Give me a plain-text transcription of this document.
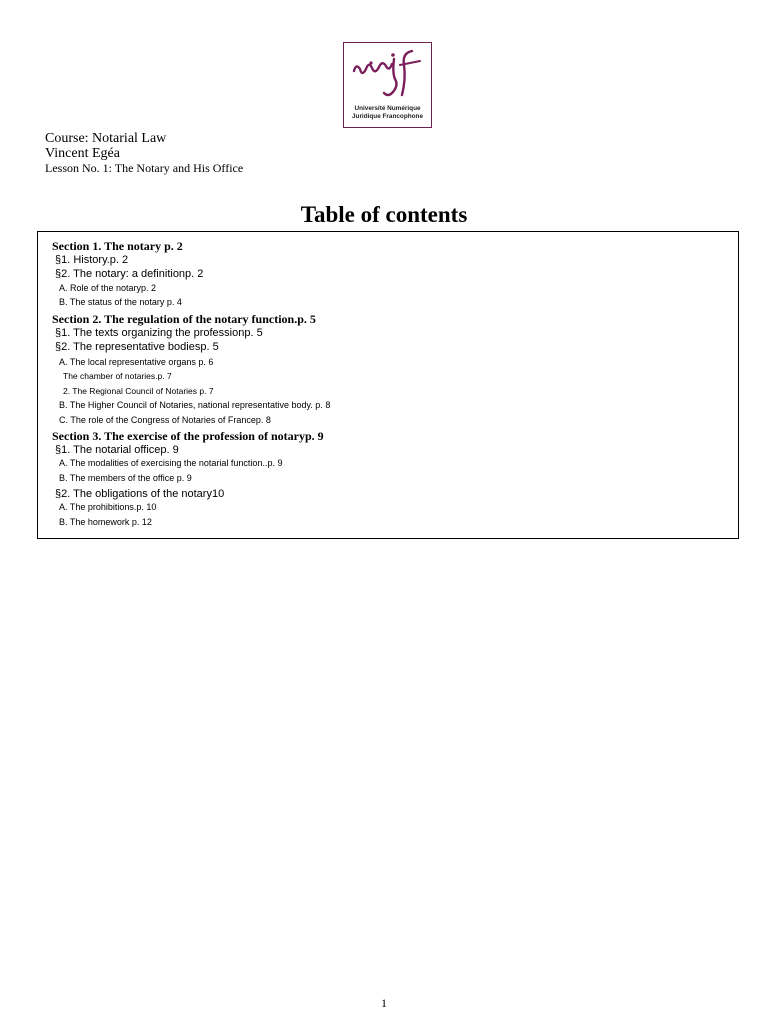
Université Numérique
Juridique Francophone
Course: Notarial Law
Vincent Egéa
Lesson No. 1: The Notary and His Office
Table of contents
Section 1. The notary p. 2
§1. History.p. 2
§2. The notary: a definitionp. 2
A. Role of the notaryp. 2
B. The status of the notary p. 4
Section 2. The regulation of the notary function.p. 5
§1. The texts organizing the professionp. 5
§2. The representative bodiesp. 5
A. The local representative organs p. 6
The chamber of notaries.p. 7
2. The Regional Council of Notaries p. 7
B. The Higher Council of Notaries, national representative body. p. 8
C. The role of the Congress of Notaries of Francep. 8
Section 3. The exercise of the profession of notaryp. 9
§1. The notarial officep. 9
A. The modalities of exercising the notarial function..p. 9
B. The members of the office p. 9
§2. The obligations of the notary10
A. The prohibitions.p. 10
B. The homework p. 12
1
